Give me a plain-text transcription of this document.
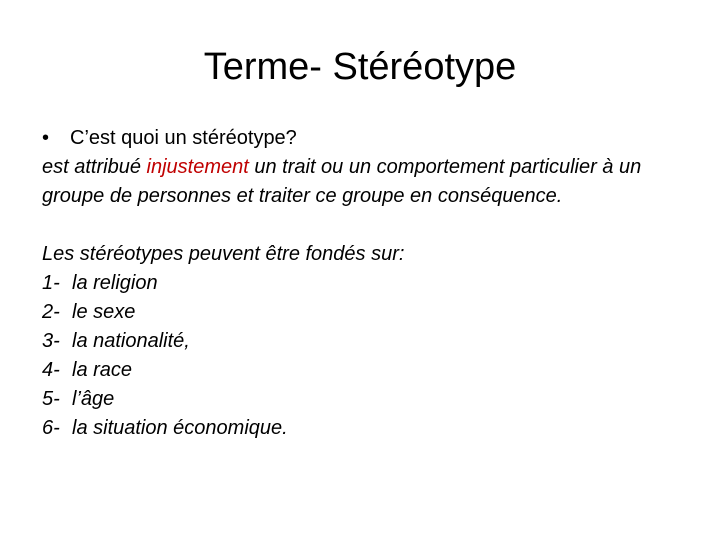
Terme- Stéréotype
•	C’est quoi un stéréotype?

est attribué injustement un trait ou un comportement particulier à un groupe de personnes et traiter ce groupe en conséquence.

Les stéréotypes peuvent être fondés sur:
1- la religion
2- le sexe
3- la nationalité,
4- la race
5- l’âge
6- la situation économique.
